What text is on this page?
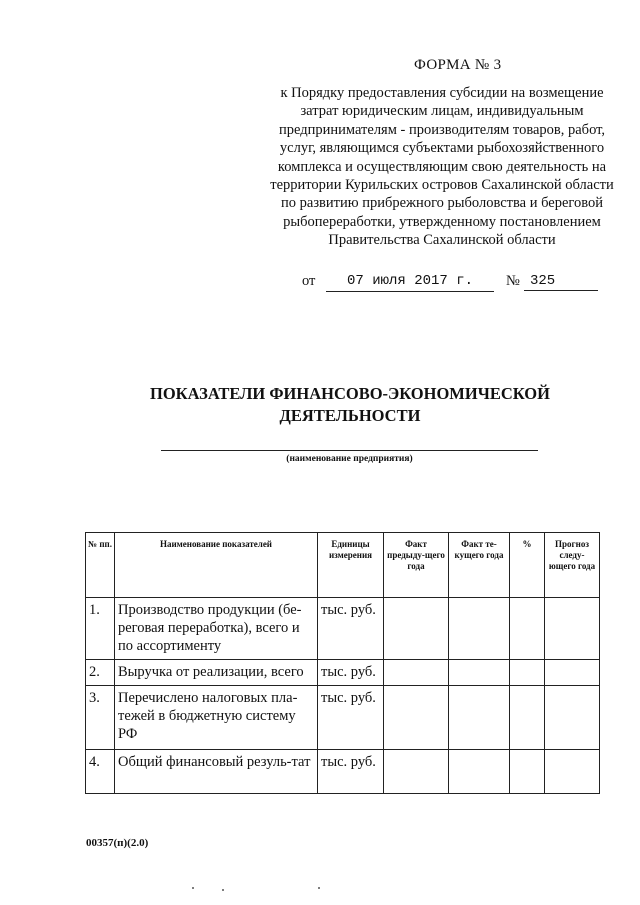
ФОРМА № 3
к Порядку предоставления субсидии на возмещение затрат юридическим лицам, индивидуальным предпринимателям - производителям товаров, работ, услуг, являющимся субъектами рыбохозяйственного комплекса и осуществляющим свою деятельность на территории Курильских островов Сахалинской области по развитию прибрежного рыболовства и береговой рыбопереработки, утвержденному постановлением Правительства Сахалинской области
от	07 июля 2017 г.	№ 325
ПОКАЗАТЕЛИ ФИНАНСОВО-ЭКОНОМИЧЕСКОЙ ДЕЯТЕЛЬНОСТИ
(наименование предприятия)
№ пп.	Наименование показателей	Единицы измерения	Факт предыду-щего года	Факт те-кущего года	%	Прогноз следу-ющего года
1.	Производство продукции (бе-реговая переработка), всего и по ассортименту	тыс. руб.				
2.	Выручка от реализации, всего	тыс. руб.				
3.	Перечислено налоговых пла-тежей в бюджетную систему РФ	тыс. руб.				
4.	Общий финансовый резуль-тат	тыс. руб.				
00357(п)(2.0)
